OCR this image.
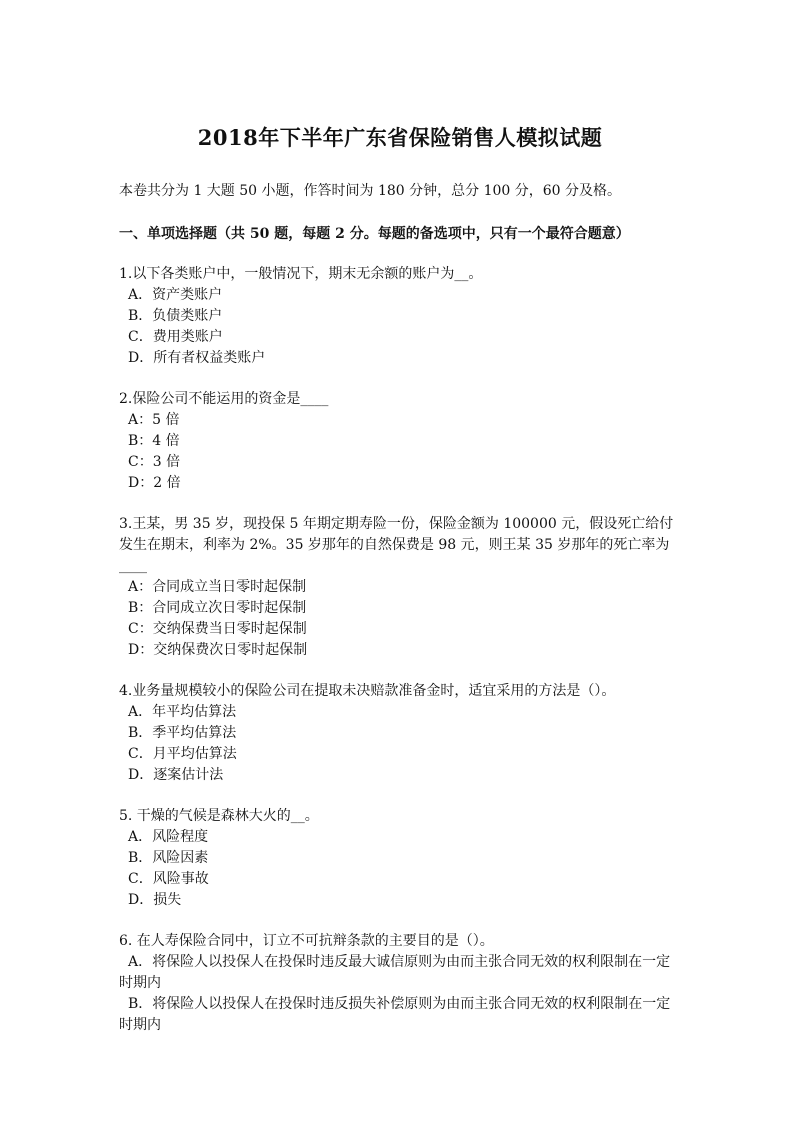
2018年下半年广东省保险销售人模拟试题

本卷共分为 1 大题 50 小题，作答时间为 180 分钟，总分 100 分，60 分及格。

一、单项选择题（共 50 题，每题 2 分。每题的备选项中，只有一个最符合题意）

1.以下各类账户中，一般情况下，期末无余额的账户为__。

A．资产类账户

B．负债类账户

C．费用类账户

D．所有者权益类账户

2.保险公司不能运用的资金是____

A：5 倍

B：4 倍

C：3 倍

D：2 倍

3.王某，男 35 岁，现投保 5 年期定期寿险一份，保险金额为 100000 元，假设死亡给付发生在期末，利率为 2%。35 岁那年的自然保费是 98 元，则王某 35 岁那年的死亡率为____

A：合同成立当日零时起保制

B：合同成立次日零时起保制

C：交纳保费当日零时起保制

D：交纳保费次日零时起保制

4.业务量规模较小的保险公司在提取未决赔款准备金时，适宜采用的方法是（）。

A．年平均估算法

B．季平均估算法

C．月平均估算法

D．逐案估计法

5. 干燥的气候是森林大火的__。

A．风险程度

B．风险因素

C．风险事故

D．损失

6. 在人寿保险合同中，订立不可抗辩条款的主要目的是（）。

A．将保险人以投保人在投保时违反最大诚信原则为由而主张合同无效的权利限制在一定时期内

B．将保险人以投保人在投保时违反损失补偿原则为由而主张合同无效的权利限制在一定时期内
